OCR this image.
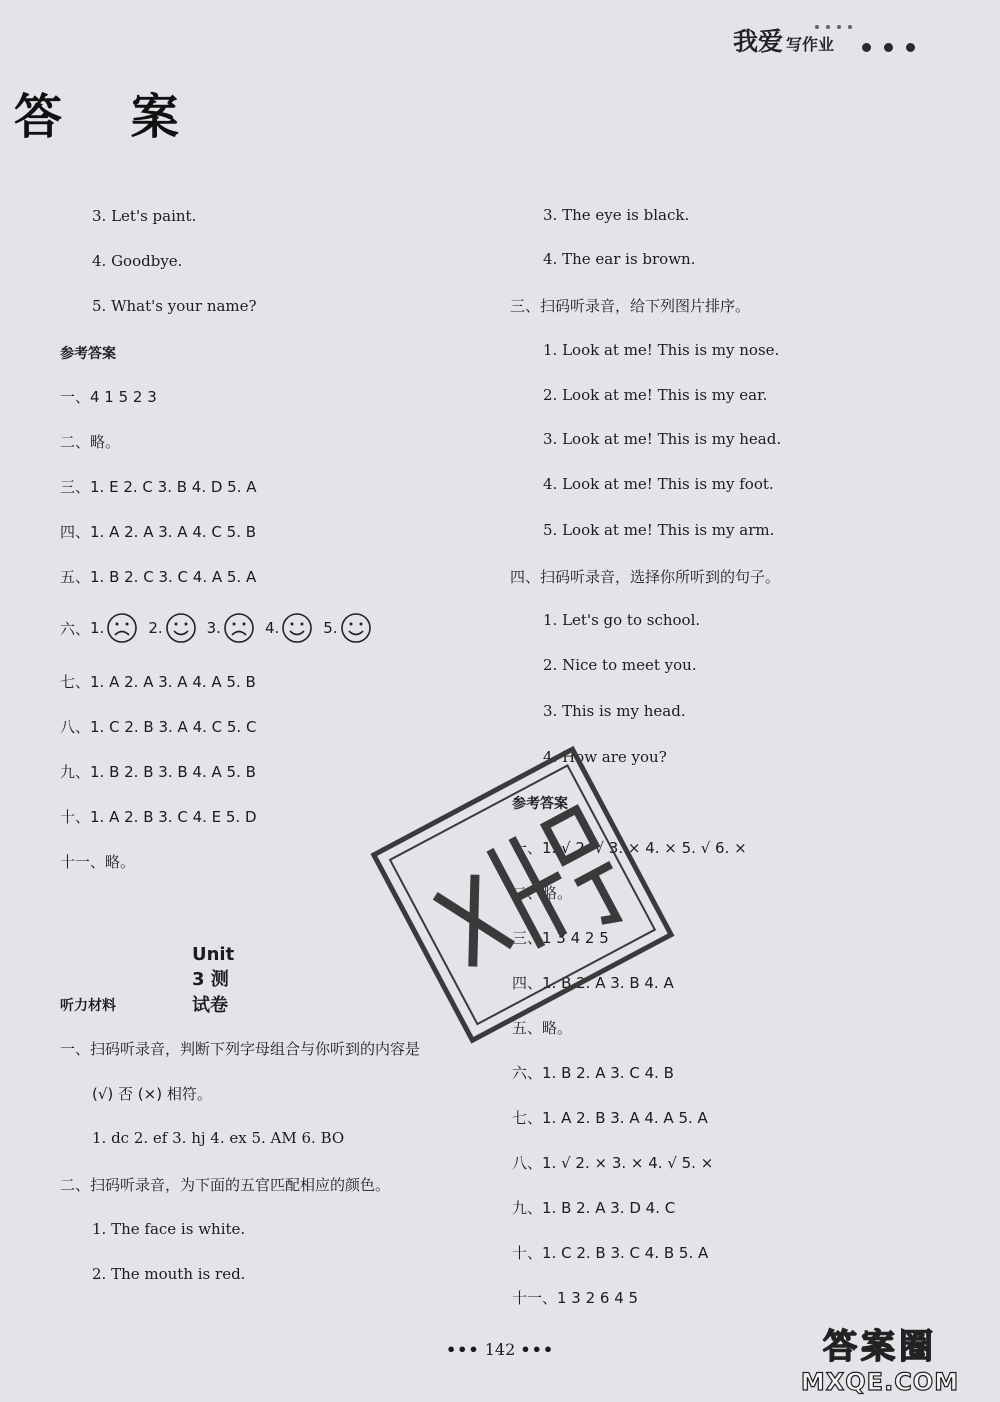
我爱 写作业
答 案
3. Let's paint.
4. Goodbye.
5. What's your name?
参考答案
一、4 1 5 2 3
二、略。
三、1. E 2. C 3. B 4. D 5. A
四、1. A 2. A 3. A 4. C 5. B
五、1. B 2. C 3. C 4. A 5. A
六、 1.	2.	3.	4.	5.
七、1. A 2. A 3. A 4. A 5. B
八、1. C 2. B 3. A 4. C 5. C
九、1. B 2. B 3. B 4. A 5. B
十、1. A 2. B 3. C 4. E 5. D
十一、略。
Unit 3 测试卷
听力材料
一、扫码听录音，判断下列字母组合与你听到的内容是
(√) 否 (×) 相符。
1. dc 2. ef 3. hj 4. ex 5. AM 6. BO
二、扫码听录音，为下面的五官匹配相应的颜色。
1. The face is white.
2. The mouth is red.
3. The eye is black.
4. The ear is brown.
三、扫码听录音，给下列图片排序。
1. Look at me! This is my nose.
2. Look at me! This is my ear.
3. Look at me! This is my head.
4. Look at me! This is my foot.
5. Look at me! This is my arm.
四、扫码听录音，选择你所听到的句子。
1. Let's go to school.
2. Nice to meet you.
3. This is my head.
4. How are you?
参考答案
一、1. √ 2. √ 3. × 4. × 5. √ 6. ×
二、略。
三、1 3 4 2 5
四、1. B 2. A 3. B 4. A
五、略。
六、1. B 2. A 3. C 4. B
七、1. A 2. B 3. A 4. A 5. A
八、1. √ 2. × 3. × 4. √ 5. ×
九、1. B 2. A 3. D 4. C
十、1. C 2. B 3. C 4. B 5. A
十一、1 3 2 6 4 5
••• 142 •••	答案圈
MXQE.COM
